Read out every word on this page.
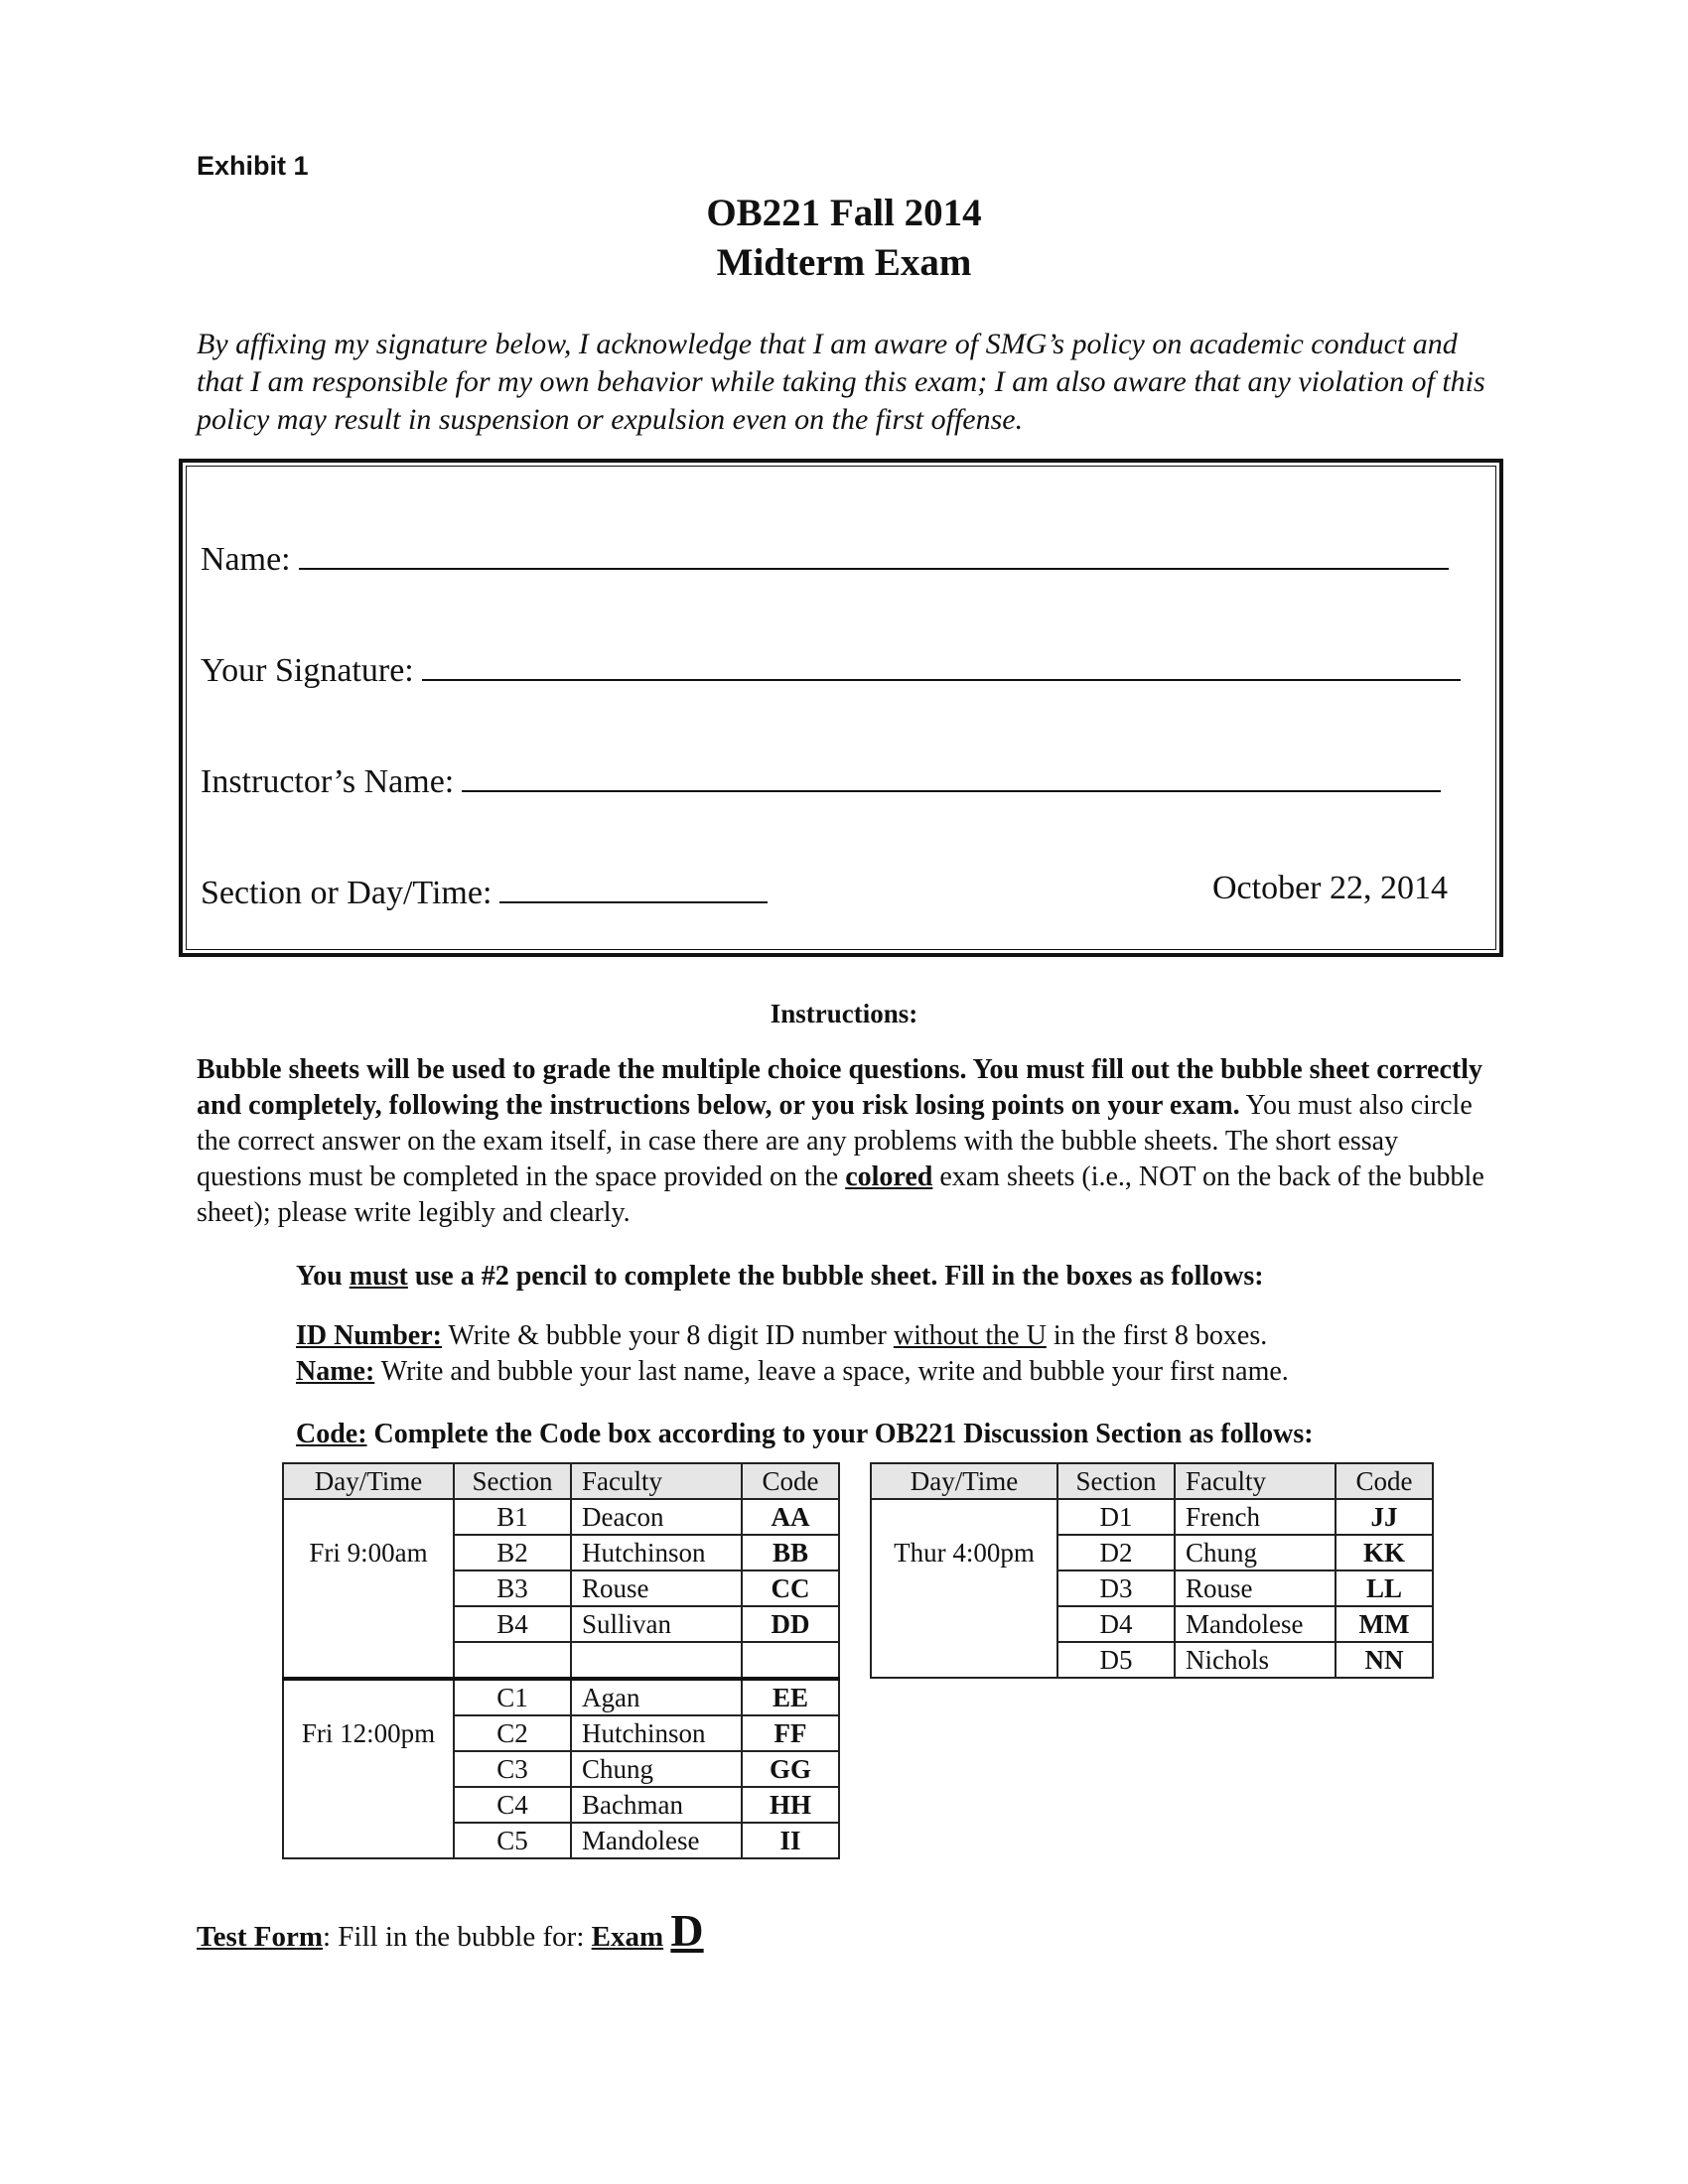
Exhibit 1
OB221 Fall 2014
Midterm Exam

By affixing my signature below, I acknowledge that I am aware of SMG’s policy on academic conduct and that I am responsible for my own behavior while taking this exam; I am also aware that any violation of this policy may result in suspension or expulsion even on the first offense.

Name:
Your Signature:
Instructor’s Name:
Section or Day/Time:	October 22, 2014
Instructions:

Bubble sheets will be used to grade the multiple choice questions. You must fill out the bubble sheet correctly and completely, following the instructions below, or you risk losing points on your exam. You must also circle the correct answer on the exam itself, in case there are any problems with the bubble sheets. The short essay questions must be completed in the space provided on the colored exam sheets (i.e., NOT on the back of the bubble sheet); please write legibly and clearly.

You must use a #2 pencil to complete the bubble sheet. Fill in the boxes as follows:
ID Number: Write & bubble your 8 digit ID number without the U in the first 8 boxes.
Name: Write and bubble your last name, leave a space, write and bubble your first name.
Code: Complete the Code box according to your OB221 Discussion Section as follows:
Day/Time	Section	Faculty	Code
Fri 9:00am	B1	Deacon	AA
	B2	Hutchinson	BB
	B3	Rouse	CC
	B4	Sullivan	DD

Fri 12:00pm	C1	Agan	EE
	C2	Hutchinson	FF
	C3	Chung	GG
	C4	Bachman	HH
	C5	Mandolese	II
Day/Time	Section	Faculty	Code
Thur 4:00pm	D1	French	JJ
	D2	Chung	KK
	D3	Rouse	LL
	D4	Mandolese	MM
	D5	Nichols	NN
Test Form: Fill in the bubble for: Exam D
